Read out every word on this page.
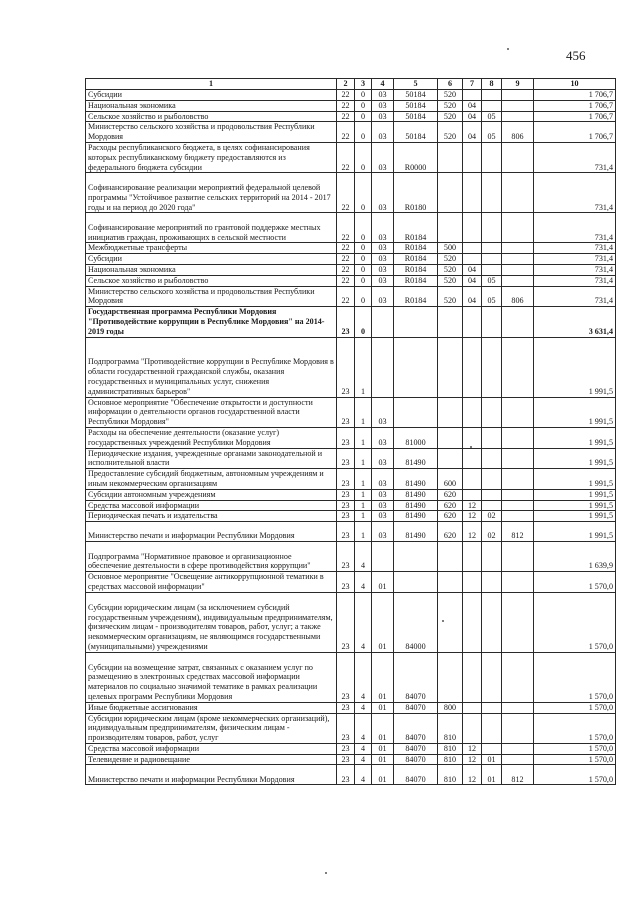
456
1	2	3	4	5	6	7	8	9	10
Субсидии	22	0	03	50184	520				1 706,7
Национальная экономика	22	0	03	50184	520	04			1 706,7
Сельское хозяйство и рыболовство	22	0	03	50184	520	04	05		1 706,7
Министерство сельского хозяйства и продовольствия Республики Мордовия	22	0	03	50184	520	04	05	806	1 706,7
Расходы республиканского бюджета, в целях софинансирования которых республиканскому бюджету предоставляются из федерального бюджета субсидии	22	0	03	R0000					731,4
Софинансирование реализации мероприятий федеральной целевой программы "Устойчивое развитие сельских территорий на 2014 - 2017 годы и на период до 2020 года"	22	0	03	R0180					731,4
Софинансирование мероприятий по грантовой поддержке местных инициатив граждан, проживающих в сельской местности	22	0	03	R0184					731,4
Межбюджетные трансферты	22	0	03	R0184	500				731,4
Субсидии	22	0	03	R0184	520				731,4
Национальная экономика	22	0	03	R0184	520	04			731,4
Сельское хозяйство и рыболовство	22	0	03	R0184	520	04	05		731,4
Министерство сельского хозяйства и продовольствия Республики Мордовия	22	0	03	R0184	520	04	05	806	731,4
Государственная программа Республики Мордовия "Противодействие коррупции в Республике Мордовия" на 2014-2019 годы	23	0							3 631,4
Подпрограмма "Противодействие коррупции в Республике Мордовия в области государственной гражданской службы, оказания государственных и муниципальных услуг, снижения административных барьеров"	23	1							1 991,5
Основное мероприятие "Обеспечение открытости и доступности информации о деятельности органов государственной власти Республики Мордовия"	23	1	03						1 991,5
Расходы на обеспечение деятельности (оказание услуг) государственных учреждений Республики Мордовия	23	1	03	81000					1 991,5
Периодические издания, учрежденные органами законодательной и исполнительной власти	23	1	03	81490					1 991,5
Предоставление субсидий бюджетным, автономным учреждениям и иным некоммерческим организациям	23	1	03	81490	600				1 991,5
Субсидии автономным учреждениям	23	1	03	81490	620				1 991,5
Средства массовой информации	23	1	03	81490	620	12			1 991,5
Периодическая печать и издательства	23	1	03	81490	620	12	02		1 991,5
Министерство печати и информации Республики Мордовия	23	1	03	81490	620	12	02	812	1 991,5
Подпрограмма "Нормативное правовое и организационное обеспечение деятельности в сфере противодействия коррупции"	23	4							1 639,9
Основное мероприятие "Освещение антикоррупционной тематики в средствах массовой информации"	23	4	01						1 570,0
Субсидии юридическим лицам (за исключением субсидий государственным учреждениям), индивидуальным предпринимателям, физическим лицам - производителям товаров, работ, услуг; а также некоммерческим организациям, не являющимся государственными (муниципальными) учреждениями	23	4	01	84000					1 570,0
Субсидии на возмещение затрат, связанных с оказанием услуг по размещению в электронных средствах массовой информации материалов по социально значимой тематике в рамках реализации целевых программ Республики Мордовия	23	4	01	84070					1 570,0
Иные бюджетные ассигнования	23	4	01	84070	800				1 570,0
Субсидии юридическим лицам (кроме некоммерческих организаций), индивидуальным предпринимателям, физическим лицам - производителям товаров, работ, услуг	23	4	01	84070	810				1 570,0
Средства массовой информации	23	4	01	84070	810	12			1 570,0
Телевидение и радиовещание	23	4	01	84070	810	12	01		1 570,0
Министерство печати и информации Республики Мордовия	23	4	01	84070	810	12	01	812	1 570,0
